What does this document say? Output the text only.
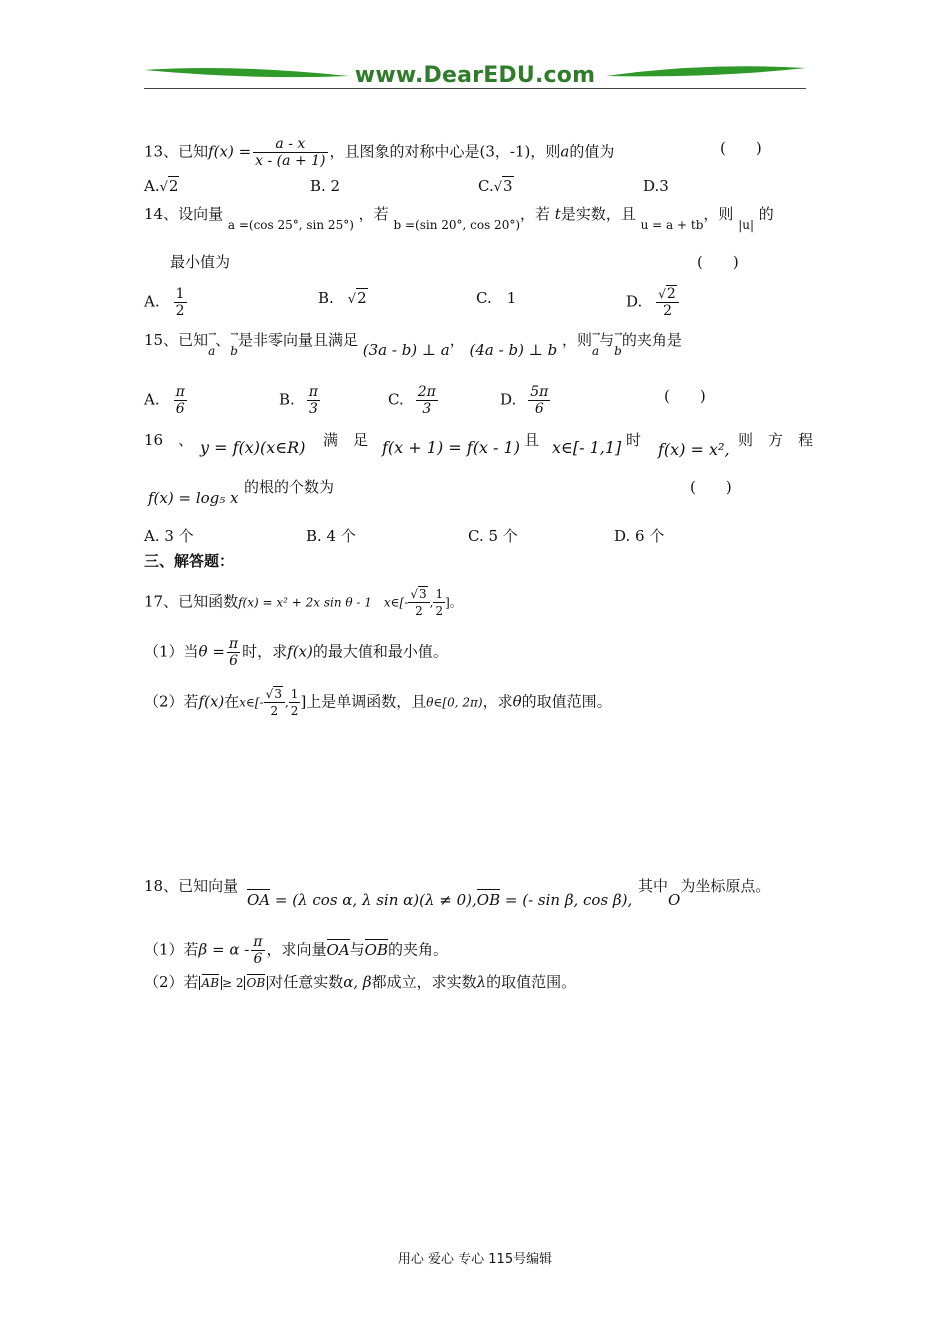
www.DearEDU.com
13、已知$f(x) = \frac{a - x}{x - (a + 1)}$ ，且图象的对称中心是(3，-1)，则a的值为	(　　)
A.√2	B. 2	C.√3	D.3
14、设向量 $_{a =(cos 25^\circ, sin 25^\circ)}$ ，若 $_{b =(sin 20^\circ, cos 20^\circ)}$，若 t是实数，且 $_{u = a + tb}$，则 $_{|u|}$ 的
最小值为	(　　)
A. $\frac{1}{2}$	B. √2	C.　1	D. $\frac{√2}{2}$
15、已知→ a、→ b是非零向量且满足 (3a - b) ⊥ a， (4a - b) ⊥ b ，则→ a与→ b的夹角是
A. $\frac{\pi}{6}$	B. $\frac{\pi}{3}$	C. $\frac{2\pi}{3}$	D. $\frac{5\pi}{6}$	(　　)
16　、 y = f(x)(x∈R) 满　足 f(x + 1) = f(x - 1) 且 x∈[- 1,1] 时 f(x) = x², 则　方　程
f(x) = log₅ x
的根的个数为	(　　)
A. 3 个	B. 4 个	C. 5 个	D. 6 个
三、解答题：
17、已知函数f(x) = x² + 2x sin θ - 1　x∈[- $\frac{√3}{2}$ , $\frac{1}{2}$ ]。
（1）当$\theta = \frac{\pi}{6}$ 时，求f(x)的最大值和最小值。
（2）若f(x)在x∈[- $\frac{√3}{2}$ , $\frac{1}{2}$ ]上是单调函数，且θ∈[0, 2π)，求θ的取值范围。
18、已知向量
OA = (λ cos α, λ sin α)(λ ≠ 0),OB = (- sin β, cos β),
其中O为坐标原点。
（1）若$\beta = \alpha - \frac{\pi}{6}$ ，求向量OA与OB的夹角。
（2）若 AB ≥ 2 OB 对任意实数α, β都成立，求实数λ的取值范围。
用心 爱心 专心 115号编辑
